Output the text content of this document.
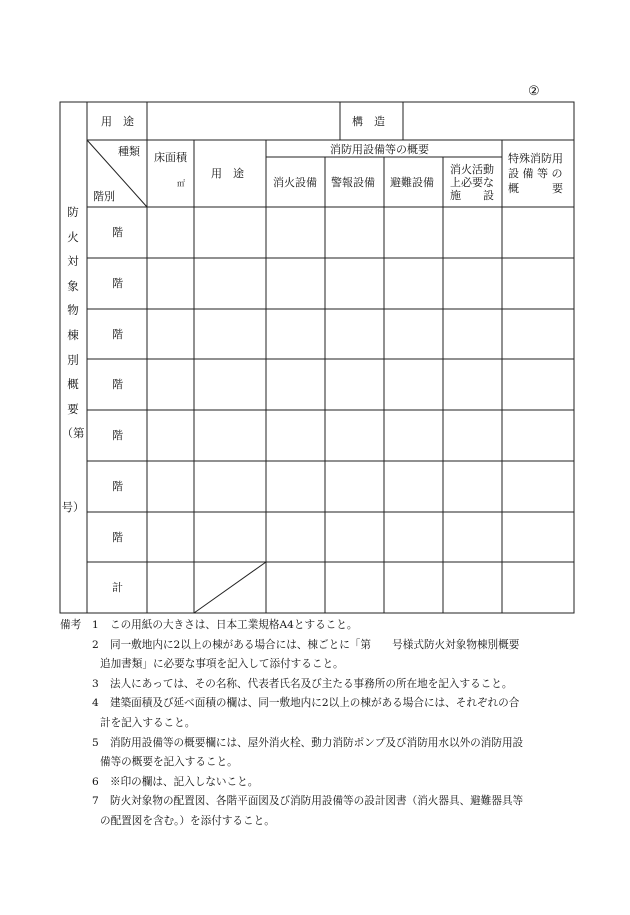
②
用　途	構　造
種類
階別
床面積
㎡
用　途
消防用設備等の概要
消火設備 警報設備 避難設備
消火活動
上必要な
施　　設
特殊消防用
設 備 等 の
概　　　要
防
火
対
象
物
棟
別
概
要
（第
号）
階
階
階
階
階
階
階
計
備考 1 この用紙の大きさは、日本工業規格A4とすること。
2 同一敷地内に2以上の棟がある場合には、棟ごとに「第　　号様式防火対象物棟別概要
追加書類」に必要な事項を記入して添付すること。
3 法人にあっては、その名称、代表者氏名及び主たる事務所の所在地を記入すること。
4 建築面積及び延べ面積の欄は、同一敷地内に2以上の棟がある場合には、それぞれの合
計を記入すること。
5 消防用設備等の概要欄には、屋外消火栓、動力消防ポンプ及び消防用水以外の消防用設
備等の概要を記入すること。
6 ※印の欄は、記入しないこと。
7 防火対象物の配置図、各階平面図及び消防用設備等の設計図書（消火器具、避難器具等
の配置図を含む。）を添付すること。
